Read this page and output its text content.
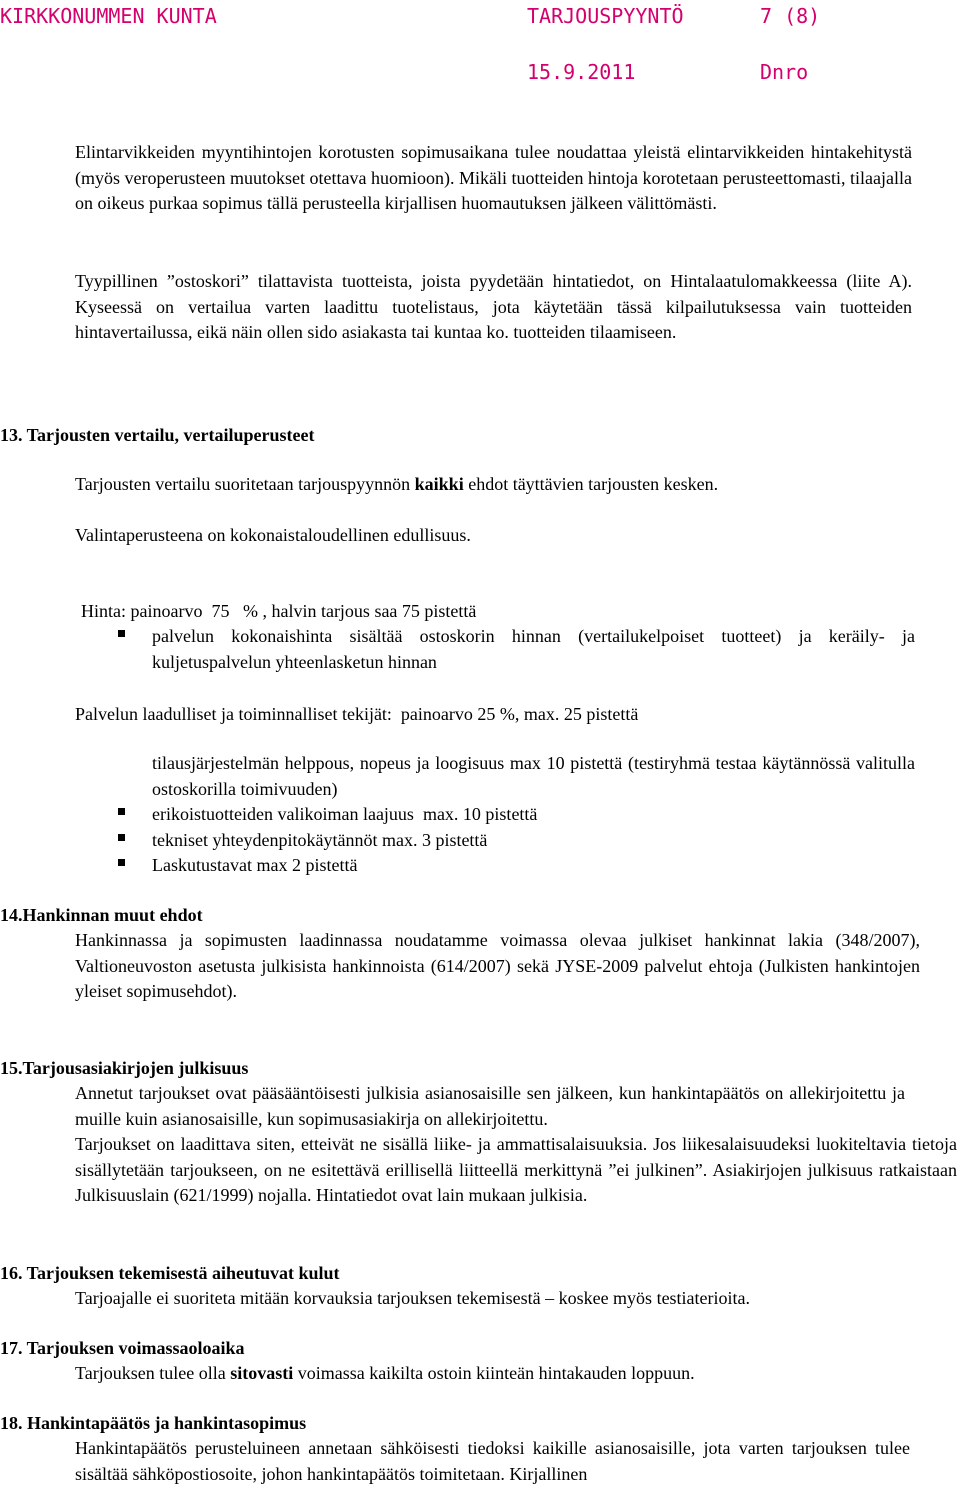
KIRKKONUMMEN KUNTA	TARJOUSPYYNTÖ	7 (8)
15.9.2011	Dnro
Elintarvikkeiden myyntihintojen korotusten sopimusaikana tulee noudattaa yleistä elintarvikkeiden hintakehitystä (myös veroperusteen muutokset otettava huomioon). Mikäli tuotteiden hintoja korotetaan perusteettomasti, tilaajalla on oikeus purkaa sopimus tällä perusteella kirjallisen huomautuksen jälkeen välittömästi.
Tyypillinen ”ostoskori” tilattavista tuotteista, joista pyydetään hintatiedot, on Hintalaatulomakkeessa (liite A). Kyseessä on vertailua varten laadittu tuotelistaus, jota käytetään tässä kilpailutuksessa vain tuotteiden hintavertailussa, eikä näin ollen sido asiakasta tai kuntaa ko. tuotteiden tilaamiseen.
13. Tarjousten vertailu, vertailuperusteet
Tarjousten vertailu suoritetaan tarjouspyynnön kaikki ehdot täyttävien tarjousten kesken.
Valintaperusteena on kokonaistaloudellinen edullisuus.
Hinta: painoarvo  75   % , halvin tarjous saa 75 pistettä
palvelun kokonaishinta sisältää ostoskorin hinnan (vertailukelpoiset tuotteet) ja keräily- ja kuljetuspalvelun yhteenlasketun hinnan
Palvelun laadulliset ja toiminnalliset tekijät:  painoarvo 25 %, max. 25 pistettä
tilausjärjestelmän helppous, nopeus ja loogisuus max 10 pistettä (testiryhmä testaa käytännössä valitulla ostoskorilla toimivuuden)
erikoistuotteiden valikoiman laajuus  max. 10 pistettä
tekniset yhteydenpitokäytännöt max. 3 pistettä
Laskutustavat max 2 pistettä
14.Hankinnan muut ehdot
Hankinnassa ja sopimusten laadinnassa noudatamme voimassa olevaa julkiset hankinnat lakia (348/2007), Valtioneuvoston asetusta julkisista hankinnoista (614/2007) sekä JYSE-2009 palvelut ehtoja (Julkisten hankintojen yleiset sopimusehdot).
15.Tarjousasiakirjojen julkisuus
Annetut tarjoukset ovat pääsääntöisesti julkisia asianosaisille sen jälkeen, kun hankintapäätös on allekirjoitettu ja muille kuin asianosaisille, kun sopimusasiakirja on allekirjoitettu.
Tarjoukset on laadittava siten, etteivät ne sisällä liike- ja ammattisalaisuuksia. Jos liikesalaisuudeksi luokiteltavia tietoja sisällytetään tarjoukseen, on ne esitettävä erillisellä liitteellä merkittynä ”ei julkinen”. Asiakirjojen julkisuus ratkaistaan Julkisuuslain (621/1999) nojalla. Hintatiedot ovat lain mukaan julkisia.
16. Tarjouksen tekemisestä aiheutuvat kulut
Tarjoajalle ei suoriteta mitään korvauksia tarjouksen tekemisestä – koskee myös testiaterioita.
17. Tarjouksen voimassaoloaika
Tarjouksen tulee olla sitovasti voimassa kaikilta ostoin kiinteän hintakauden loppuun.
18. Hankintapäätös ja hankintasopimus
Hankintapäätös perusteluineen annetaan sähköisesti tiedoksi kaikille asianosaisille, jota varten tarjouksen tulee sisältää sähköpostiosoite, johon hankintapäätös toimitetaan. Kirjallinen
